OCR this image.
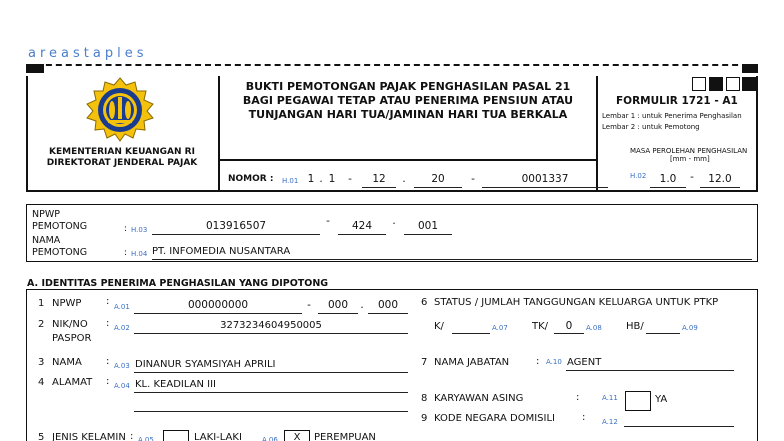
areastaples
KEMENTERIAN KEUANGAN RI
DIREKTORAT JENDERAL PAJAK
BUKTI PEMOTONGAN PAJAK PENGHASILAN PASAL 21
BAGI PEGAWAI TETAP ATAU PENERIMA PENSIUN ATAU
TUNJANGAN HARI TUA/JAMINAN HARI TUA BERKALA
NOMOR : H.01 1 . 1	-	12	.	20	-	0001337
FORMULIR 1721 - A1
Lembar 1 : untuk Penerima Penghasilan
Lembar 2 : untuk Pemotong
MASA PEROLEHAN PENGHASILAN
[mm - mm]
H.02	1.0	-	12.0
NPWP
PEMOTONG	: H.03	013916507	-	424	.	001
NAMA
PEMOTONG	: H.04 PT. INFOMEDIA NUSANTARA
A. IDENTITAS PENERIMA PENGHASILAN YANG DIPOTONG
1 NPWP : A.01	000000000	-	000	.	000
2 NIK/NO
PASPOR
: A.02	3273234604950005
3 NAMA : A.03 DINANUR SYAMSIYAH APRILI
4 ALAMAT : A.04 KL. KEADILAN III
5 JENIS KELAMIN : A.05	LAKI-LAKI	A.06	X	PEREMPUAN
6 STATUS / JUMLAH TANGGUNGAN KELUARGA UNTUK PTKP
K/	A.07 TK/	0	A.08 HB/	A.09
7 NAMA JABATAN	: A.10 AGENT
8 KARYAWAN ASING	:	A.11	YA
9 KODE NEGARA DOMISILI	: A.12
